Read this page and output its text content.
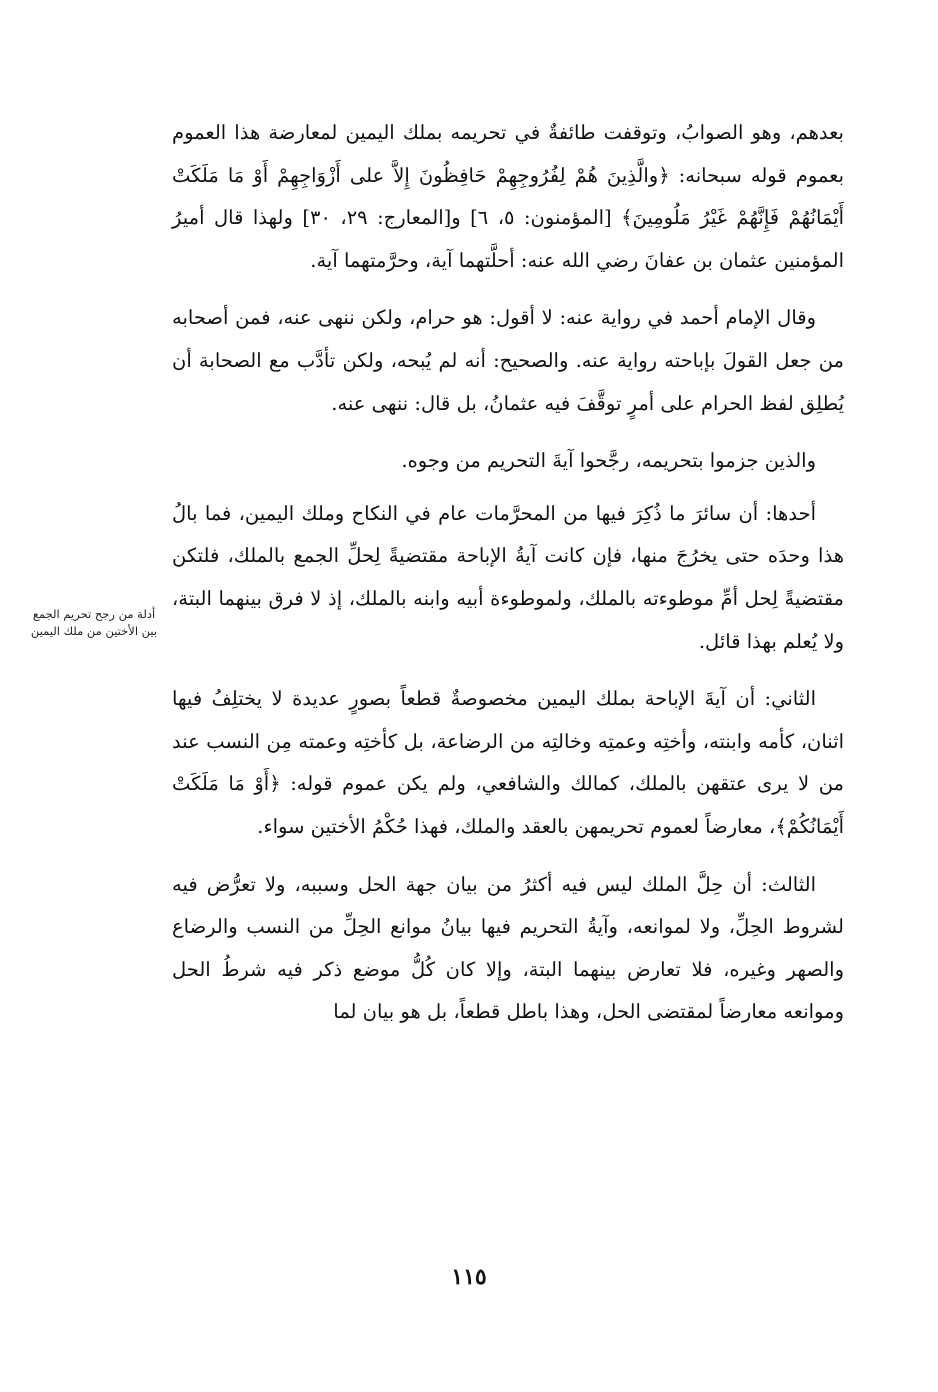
بعدهم، وهو الصوابُ، وتوقفت طائفةٌ في تحريمه بملك اليمين لمعارضة هذا العموم بعموم قوله سبحانه: ﴿والَّذِينَ هُمْ لِفُرُوجِهِمْ حَافِظُونَ إِلاَّ على أَزْوَاجِهِمْ أَوْ مَا مَلَكَتْ أَيْمَانُهُمْ فَإِنَّهُمْ غَيْرُ مَلُومِينَ﴾ [المؤمنون: ٥، ٦] و[المعارج: ٢٩، ٣٠] ولهذا قال أميرُ المؤمنين عثمان بن عفانَ رضي الله عنه: أحلَّتهما آية، وحرَّمتهما آية.

وقال الإمام أحمد في رواية عنه: لا أقول: هو حرام، ولكن ننهى عنه، فمن أصحابه من جعل القولَ بإباحته رواية عنه. والصحيح: أنه لم يُبحه، ولكن تأدَّب مع الصحابة أن يُطلِق لفظ الحرام على أمرٍ توقَّفَ فيه عثمانُ، بل قال: ننهى عنه.

والذين جزموا بتحريمه، رجَّحوا آيةَ التحريم من وجوه.

أحدها: أن سائرَ ما ذُكِرَ فيها من المحرَّمات عام في النكاح وملك اليمين، فما بالُ هذا وحدَه حتى يخرُجَ منها، فإن كانت آيةُ الإباحة مقتضيةً لِحلِّ الجمع بالملك، فلتكن مقتضيةً لِحل أمِّ موطوءته بالملك، ولموطوءة أبيه وابنه بالملك، إذ لا فرق بينهما البتة، ولا يُعلم بهذا قائل.

الثاني: أن آيةَ الإباحة بملك اليمين مخصوصةٌ قطعاً بصورٍ عديدة لا يختلِفُ فيها اثنان، كأمه وابنته، وأختِه وعمتِه وخالتِه من الرضاعة، بل كأختِه وعمته مِن النسب عند من لا يرى عتقهن بالملك، كمالك والشافعي، ولم يكن عموم قوله: ﴿أَوْ مَا مَلَكَتْ أَيْمَانُكُمْ﴾، معارضاً لعموم تحريمهن بالعقد والملك، فهذا حُكْمُ الأختين سواء.

الثالث: أن حِلَّ الملك ليس فيه أكثرُ من بيان جهة الحل وسببه، ولا تعرُّض فيه لشروط الحِلِّ، ولا لموانعه، وآيةُ التحريم فيها بيانُ موانع الحِلِّ من النسب والرضاع والصهر وغيره، فلا تعارض بينهما البتة، وإلا كان كُلُّ موضع ذكر فيه شرطُ الحل وموانعه معارضاً لمقتضى الحل، وهذا باطل قطعاً، بل هو بيان لما

أدلة من رجح تحريم الجمع بين الأختين من ملك اليمين
١١٥
